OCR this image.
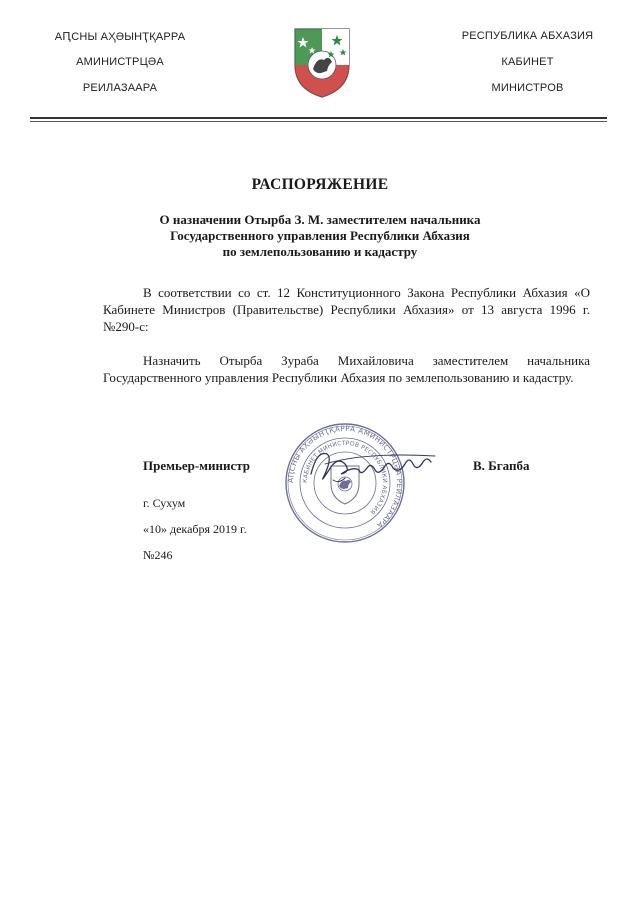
АԤСНЫ АҲӘЫНҬҚАРРА
АМИНИСТРЦӘА
РЕИЛАЗААРА
РЕСПУБЛИКА АБХАЗИЯ
КАБИНЕТ
МИНИСТРОВ
РАСПОРЯЖЕНИЕ
О назначении Отырба З. М. заместителем начальника
Государственного управления Республики Абхазия
по землепользованию и кадастру
В соответствии со ст. 12 Конституционного Закона Республики Абхазия «О Кабинете Министров (Правительстве) Республики Абхазия» от 13 августа 1996 г. №290-с:
Назначить Отырба Зураба Михайловича заместителем начальника Государственного управления Республики Абхазия по землепользованию и кадастру.
АԤСНЫ АҲӘЫНҬҚАРРА АМИНИСТРЦӘА РЕИЛАЗААРА
КАБИНЕТ МИНИСТРОВ РЕСПУБЛИКИ АБХАЗИЯ
Премьер-министр	В. Бгапба
г. Сухум
«10» декабря 2019 г.
№246
